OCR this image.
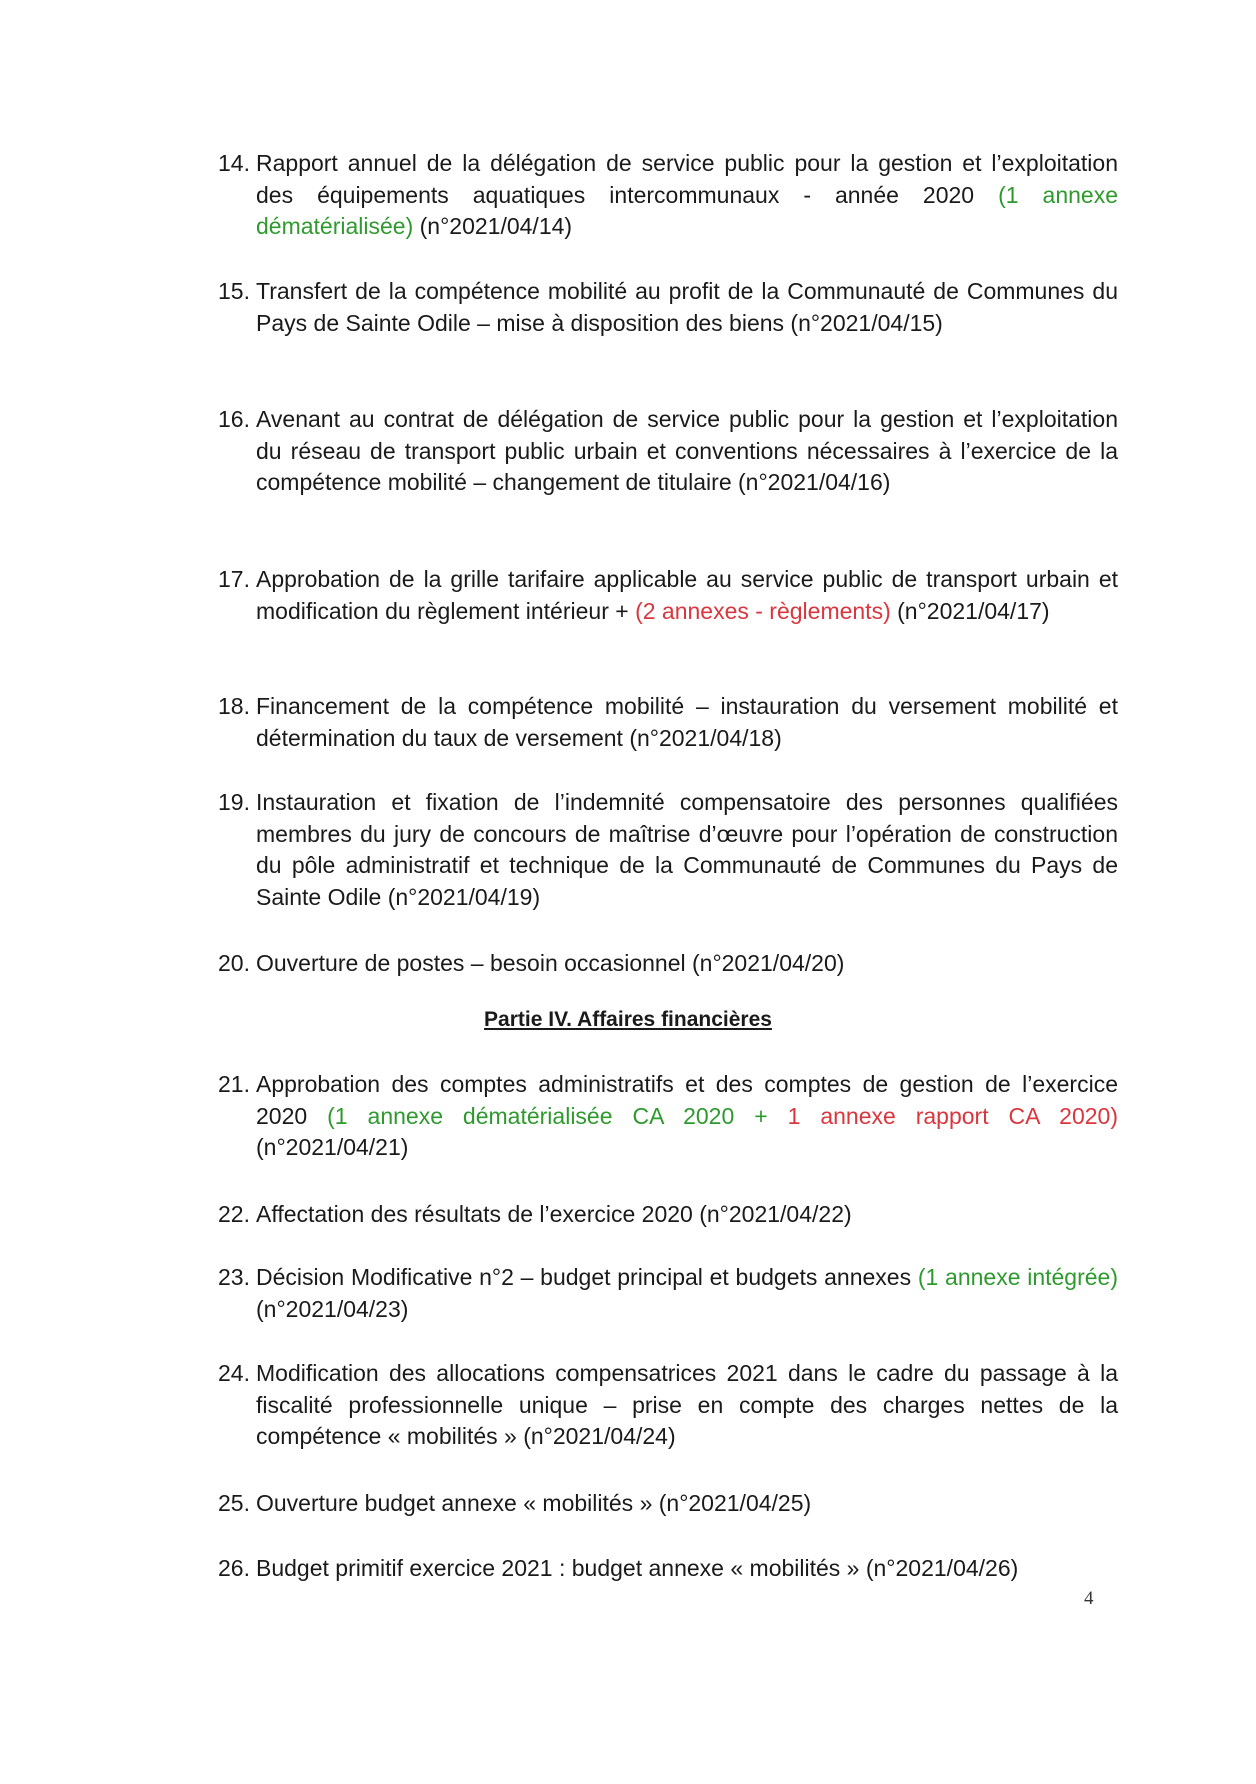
14. Rapport annuel de la délégation de service public pour la gestion et l’exploitation des équipements aquatiques intercommunaux - année 2020 (1 annexe dématérialisée) (n°2021/04/14)
15. Transfert de la compétence mobilité au profit de la Communauté de Communes du Pays de Sainte Odile – mise à disposition des biens (n°2021/04/15)
16. Avenant au contrat de délégation de service public pour la gestion et l’exploitation du réseau de transport public urbain et conventions nécessaires à l’exercice de la compétence mobilité – changement de titulaire (n°2021/04/16)
17. Approbation de la grille tarifaire applicable au service public de transport urbain et modification du règlement intérieur + (2 annexes - règlements) (n°2021/04/17)
18. Financement de la compétence mobilité – instauration du versement mobilité et détermination du taux de versement (n°2021/04/18)
19. Instauration et fixation de l’indemnité compensatoire des personnes qualifiées membres du jury de concours de maîtrise d’œuvre pour l’opération de construction du pôle administratif et technique de la Communauté de Communes du Pays de Sainte Odile (n°2021/04/19)
20. Ouverture de postes – besoin occasionnel (n°2021/04/20)
Partie IV. Affaires financières
21. Approbation des comptes administratifs et des comptes de gestion de l’exercice 2020 (1 annexe dématérialisée CA 2020 + 1 annexe rapport CA 2020) (n°2021/04/21)
22. Affectation des résultats de l’exercice 2020 (n°2021/04/22)
23. Décision Modificative n°2 – budget principal et budgets annexes (1 annexe intégrée) (n°2021/04/23)
24. Modification des allocations compensatrices 2021 dans le cadre du passage à la fiscalité professionnelle unique – prise en compte des charges nettes de la compétence « mobilités » (n°2021/04/24)
25. Ouverture budget annexe « mobilités » (n°2021/04/25)
26. Budget primitif exercice 2021 : budget annexe « mobilités » (n°2021/04/26)
4
